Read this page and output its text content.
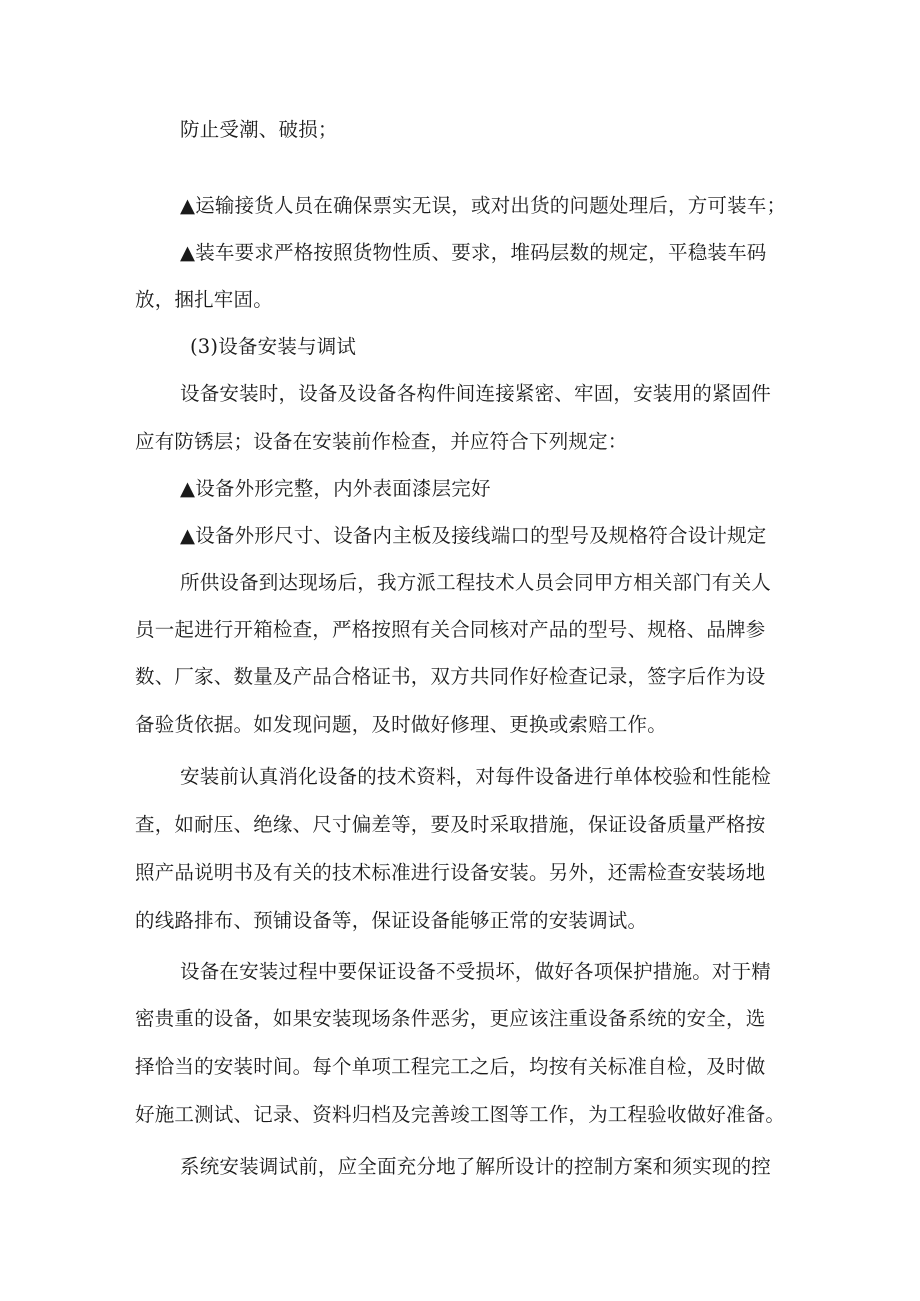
防止受潮、破损；
▲运输接货人员在确保票实无误，或对出货的问题处理后，方可装车；
▲装车要求严格按照货物性质、要求，堆码层数的规定，平稳装车码
放，捆扎牢固。
(3)设备安装与调试
设备安装时，设备及设备各构件间连接紧密、牢固，安装用的紧固件
应有防锈层；设备在安装前作检查，并应符合下列规定：
▲设备外形完整，内外表面漆层完好
▲设备外形尺寸、设备内主板及接线端口的型号及规格符合设计规定
所供设备到达现场后，我方派工程技术人员会同甲方相关部门有关人
员一起进行开箱检查，严格按照有关合同核对产品的型号、规格、品牌参
数、厂家、数量及产品合格证书，双方共同作好检查记录，签字后作为设
备验货依据。如发现问题，及时做好修理、更换或索赔工作。
安装前认真消化设备的技术资料，对每件设备进行单体校验和性能检
查，如耐压、绝缘、尺寸偏差等，要及时采取措施，保证设备质量严格按
照产品说明书及有关的技术标准进行设备安装。另外，还需检查安装场地
的线路排布、预铺设备等，保证设备能够正常的安装调试。
设备在安装过程中要保证设备不受损坏，做好各项保护措施。对于精
密贵重的设备，如果安装现场条件恶劣，更应该注重设备系统的安全，选
择恰当的安装时间。每个单项工程完工之后，均按有关标准自检，及时做
好施工测试、记录、资料归档及完善竣工图等工作，为工程验收做好准备。
系统安装调试前，应全面充分地了解所设计的控制方案和须实现的控
